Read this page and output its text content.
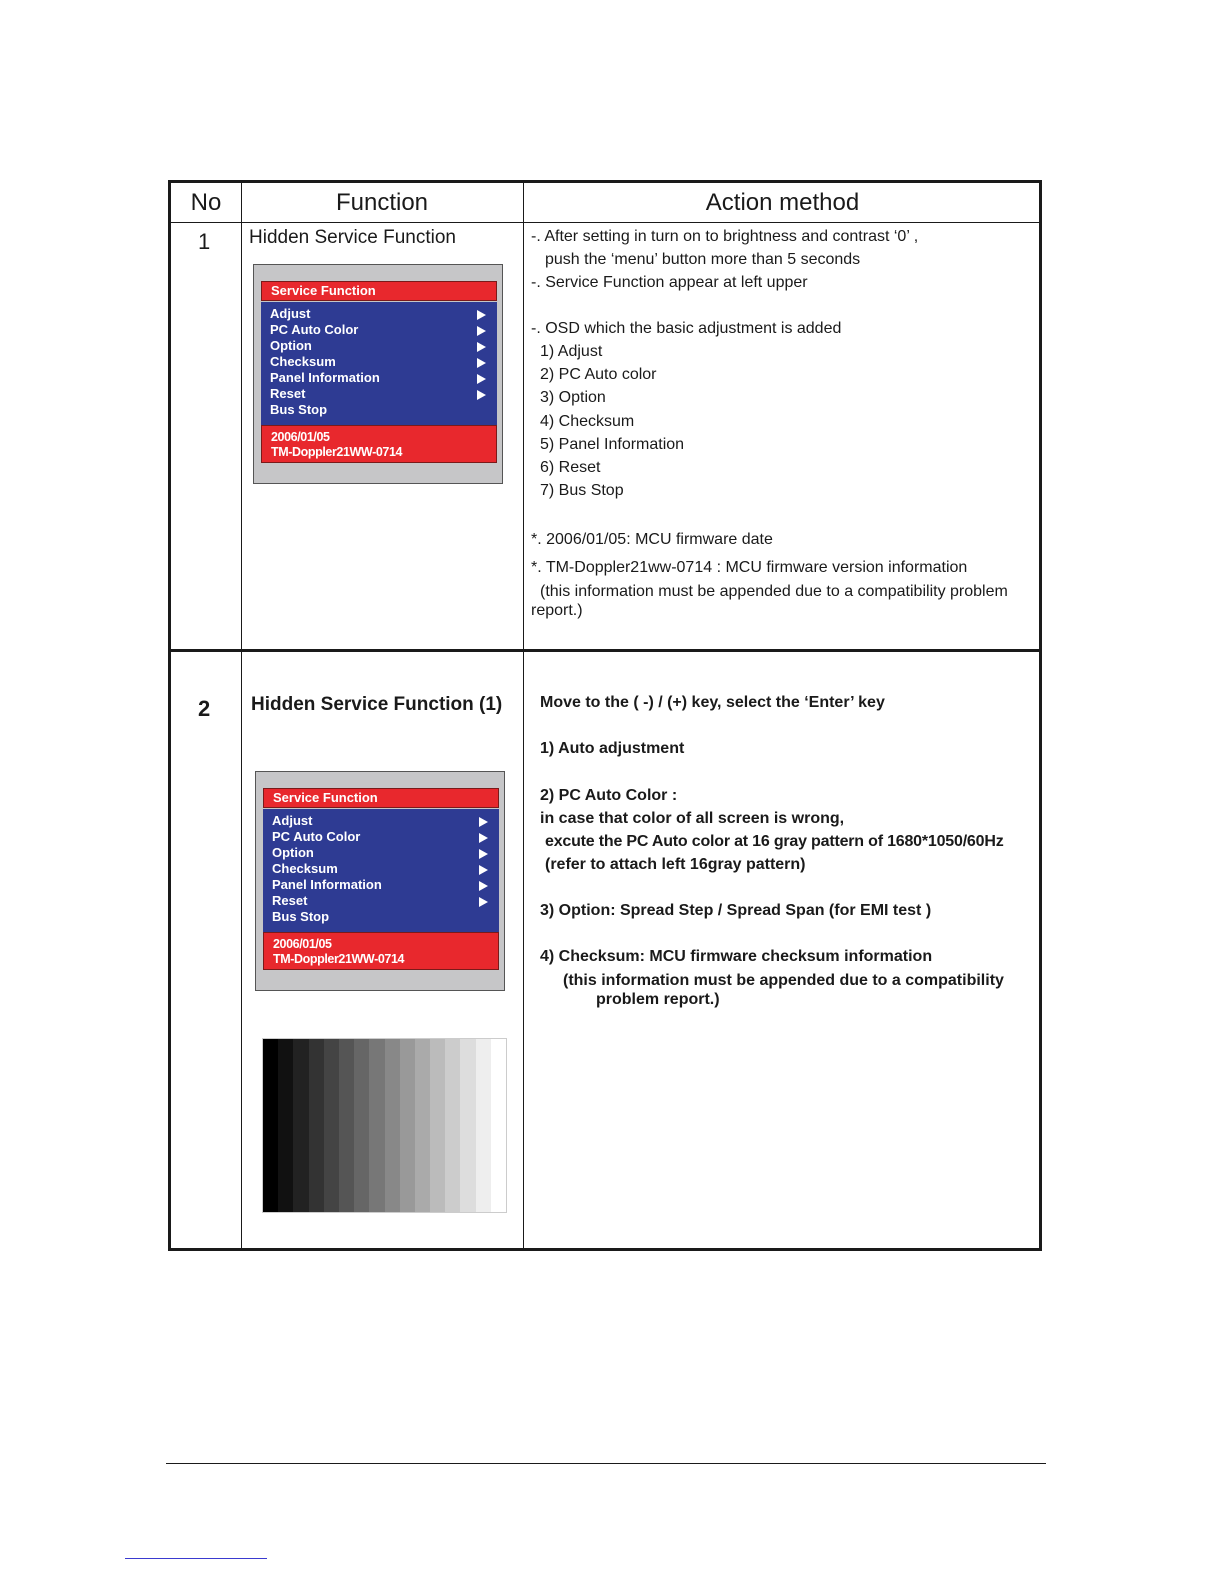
No	Function	Action method
1 Hidden Service Function
Service Function
Adjust
PC Auto Color
Option
Checksum
Panel Information
Reset
Bus Stop
2006/01/05
TM-Doppler21WW-0714
-. After setting in turn on to brightness and contrast ‘0’ ,
push the ‘menu’ button more than 5 seconds
-. Service Function appear at left upper
-. OSD which the basic adjustment is added
1) Adjust
2) PC Auto color
3) Option
4) Checksum
5) Panel Information
6) Reset
7) Bus Stop
*. 2006/01/05: MCU firmware date
*. TM-Doppler21ww-0714 : MCU firmware version information
(this information must be appended due to a compatibility problem
report.)
2 Hidden Service Function (1)
Service Function
Adjust
PC Auto Color
Option
Checksum
Panel Information
Reset
Bus Stop
2006/01/05
TM-Doppler21WW-0714
Move to the ( -) / (+) key, select the ‘Enter’ key
1) Auto adjustment
2) PC Auto Color :
in case that color of all screen is wrong,
excute the PC Auto color at 16 gray pattern of 1680*1050/60Hz
(refer to attach left 16gray pattern)
3) Option: Spread Step / Spread Span (for EMI test )
4) Checksum: MCU firmware checksum information
(this information must be appended due to a compatibility
problem report.)
